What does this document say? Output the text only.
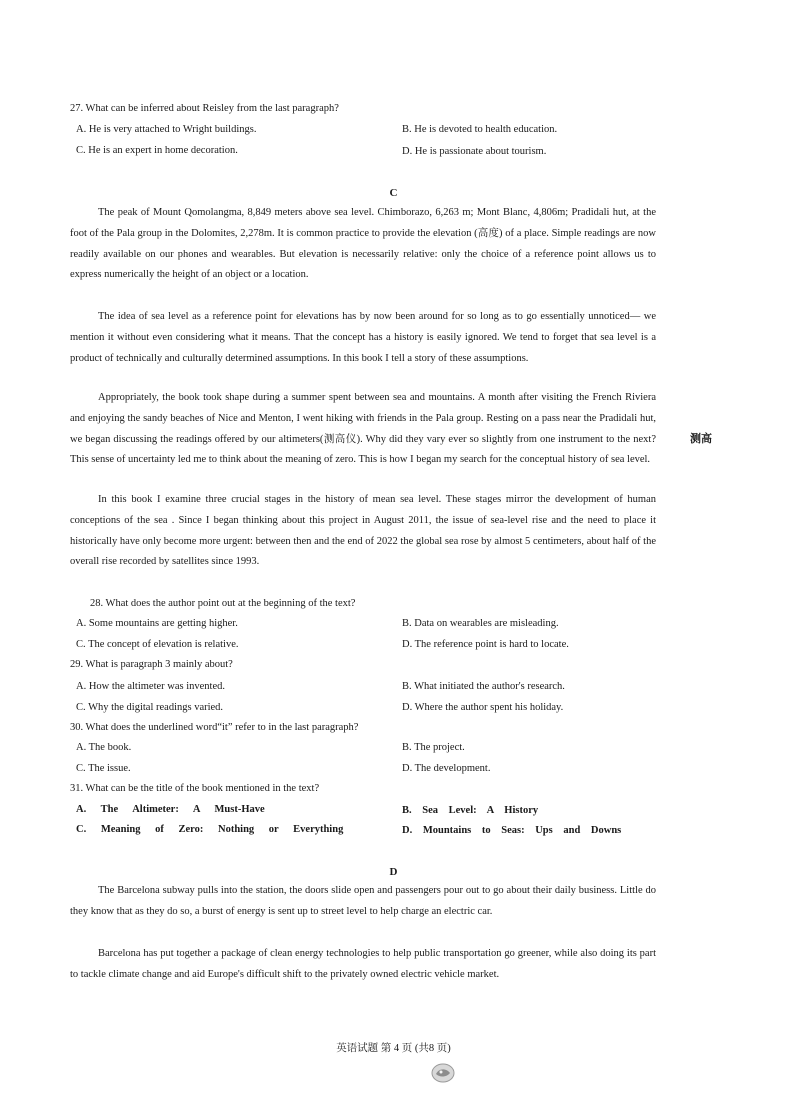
27. What can be inferred about Reisley from the last paragraph?
A. He is very attached to Wright buildings.	B. He is devoted to health education.
C. He is an expert in home decoration.	D. He is passionate about tourism.
C

The peak of Mount Qomolangma, 8,849 meters above sea level. Chimborazo, 6,263 m; Mont Blanc, 4,806m; Pradidali hut, at the foot of the Pala group in the Dolomites, 2,278m. It is common practice to provide the elevation (高度) of a place. Simple readings are now readily available on our phones and wearables. But elevation is necessarily relative: only the choice of a reference point allows us to express numerically the height of an object or a location.

The idea of sea level as a reference point for elevations has by now been around for so long as to go essentially unnoticed— we mention it without even considering what it means. That the concept has a history is easily ignored. We tend to forget that sea level is a product of technically and culturally determined assumptions. In this book I tell a story of these assumptions.

Appropriately, the book took shape during a summer spent between sea and mountains. A month after visiting the French Riviera and enjoying the sandy beaches of Nice and Menton, I went hiking with friends in the Pala group. Resting on a pass near the Pradidali hut, we began discussing the readings offered by our altimeters(测高仪). Why did they vary ever so slightly from one instrument to the next? This sense of uncertainty led me to think about the meaning of zero. This is how I began my search for the conceptual history of sea level.

In this book I examine three crucial stages in the history of mean sea level. These stages mirror the development of human conceptions of the sea . Since I began thinking about this project in August 2011, the issue of sea-level rise and the need to place it historically have only become more urgent: between then and the end of 2022 the global sea rose by almost 5 centimeters, about half of the overall rise recorded by satellites since 1993.

测高
28. What does the author point out at the beginning of the text?
A. Some mountains are getting higher.	B. Data on wearables are misleading.
C. The concept of elevation is relative.	D. The reference point is hard to locate.
29. What is paragraph 3 mainly about?
A. How the altimeter was invented.	B. What initiated the author's research.
C. Why the digital readings varied.	D. Where the author spent his holiday.
30. What does the underlined word“it” refer to in the last paragraph?
A. The book.	B. The project.
C. The issue.	D. The development.
31. What can be the title of the book mentioned in the text?
A. The Altimeter: A Must-Have	B. Sea Level: A History
C. Meaning of Zero: Nothing or Everything	D. Mountains to Seas: Ups and Downs
D

The Barcelona subway pulls into the station, the doors slide open and passengers pour out to go about their daily business. Little do they know that as they do so, a burst of energy is sent up to street level to help charge an electric car.

Barcelona has put together a package of clean energy technologies to help public transportation go greener, while also doing its part to tackle climate change and aid Europe's difficult shift to the privately owned electric vehicle market.

英语试题 第 4 页 (共8 页)
